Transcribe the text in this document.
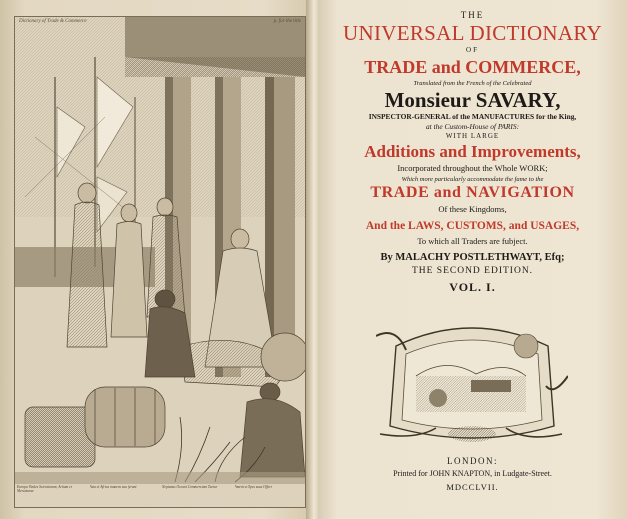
Dictionary of Trade & Commerce	p. for the title
Europa Vindex Scientiarum, Artium et Mercaturae
Asia et Africa munera sua ferunt	Neptunus Oceani Commercium Tuetur	America Opes suas Offert
THE
UNIVERSAL DICTIONARY
OF
TRADE and COMMERCE,
Translated from the French of the Celebrated
Monsieur SAVARY,
INSPECTOR-GENERAL of the MANUFACTURES for the King,
at the Custom-House of PARIS:
WITH LARGE
Additions and Improvements,
Incorporated throughout the Whole WORK;
Which more particularly accommodate the fame to the
TRADE and NAVIGATION
Of these Kingdoms,
And the LAWS, CUSTOMS, and USAGES,
To which all Traders are fubject.
By MALACHY POSTLETHWAYT, Efq;
THE SECOND EDITION.
VOL. I.
LONDON:
Printed for JOHN KNAPTON, in Ludgate-Street.
MDCCLVII.
